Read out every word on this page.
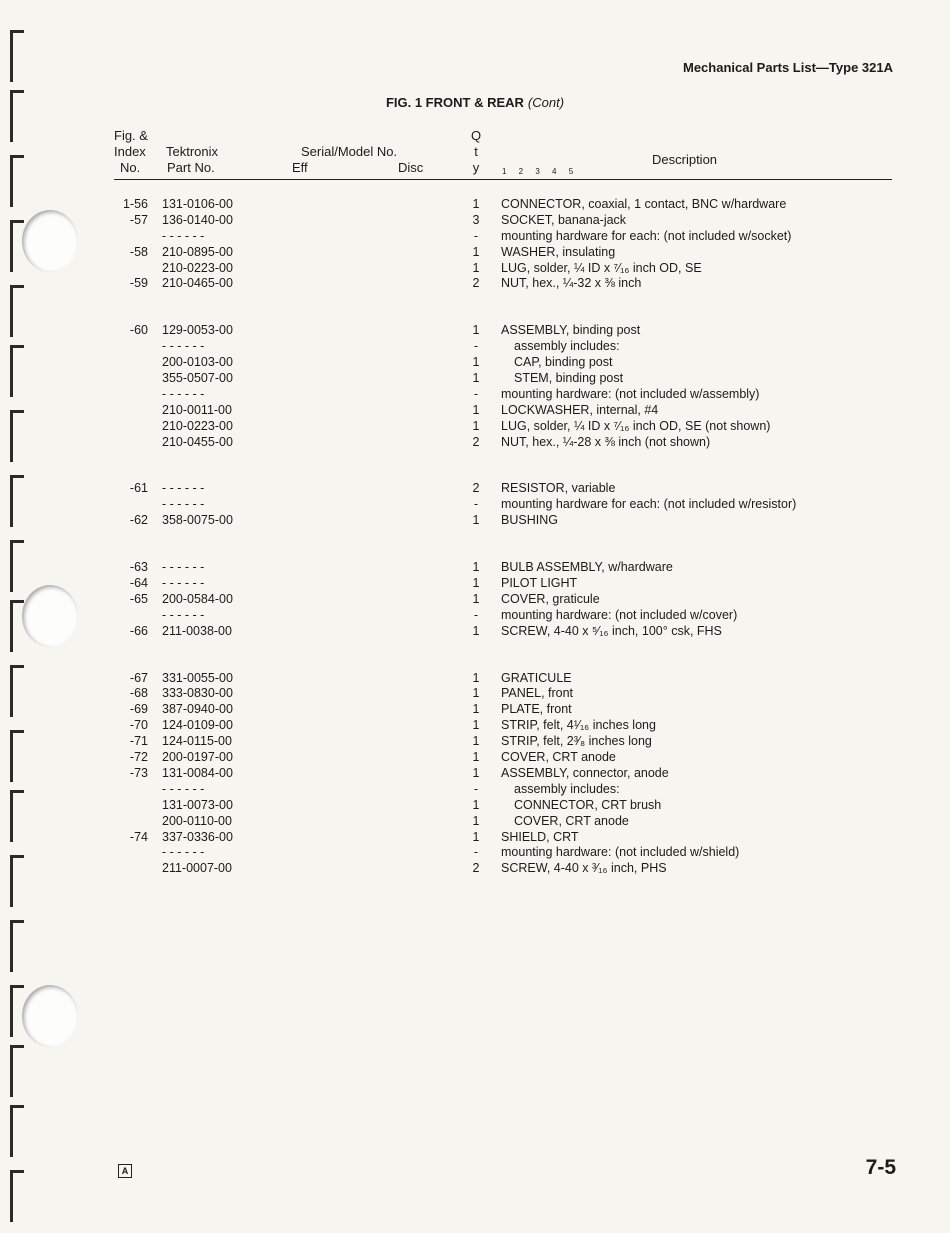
Mechanical Parts List—Type 321A
FIG. 1 FRONT & REAR (Cont)
Fig. &
Index
No.
Tektronix
Part No.
Serial/Model No.
Eff	Disc
Q
t
y
Description
1 2 3 4 5
1-56 131-0106-00	1	CONNECTOR, coaxial, 1 contact, BNC w/hardware
-57 136-0140-00	3	SOCKET, banana-jack
- - - - - -	-	mounting hardware for each: (not included w/socket)
-58 210-0895-00	1	WASHER, insulating
210-0223-00	1	LUG, solder, ¼ ID x ⁷⁄₁₆ inch OD, SE
-59 210-0465-00	2	NUT, hex., ¼-32 x ⅜ inch
-60 129-0053-00	1	ASSEMBLY, binding post
- - - - - -	-	assembly includes:
200-0103-00	1	CAP, binding post
355-0507-00	1	STEM, binding post
- - - - - -	-	mounting hardware: (not included w/assembly)
210-0011-00	1	LOCKWASHER, internal, #4
210-0223-00	1	LUG, solder, ¼ ID x ⁷⁄₁₆ inch OD, SE (not shown)
210-0455-00	2	NUT, hex., ¼-28 x ⅜ inch (not shown)
-61 - - - - - -	2	RESISTOR, variable
- - - - - -	-	mounting hardware for each: (not included w/resistor)
-62 358-0075-00	1	BUSHING
-63 - - - - - -	1	BULB ASSEMBLY, w/hardware
-64 - - - - - -	1	PILOT LIGHT
-65 200-0584-00	1	COVER, graticule
- - - - - -	-	mounting hardware: (not included w/cover)
-66 211-0038-00	1	SCREW, 4-40 x ⁵⁄₁₆ inch, 100° csk, FHS
-67 331-0055-00	1	GRATICULE
-68 333-0830-00	1	PANEL, front
-69 387-0940-00	1	PLATE, front
-70 124-0109-00	1	STRIP, felt, 4¹⁄₁₆ inches long
-71 124-0115-00	1	STRIP, felt, 2³⁄₈ inches long
-72 200-0197-00	1	COVER, CRT anode
-73 131-0084-00	1	ASSEMBLY, connector, anode
- - - - - -	-	assembly includes:
131-0073-00	1	CONNECTOR, CRT brush
200-0110-00	1	COVER, CRT anode
-74 337-0336-00	1	SHIELD, CRT
- - - - - -	-	mounting hardware: (not included w/shield)
211-0007-00	2	SCREW, 4-40 x ³⁄₁₆ inch, PHS
A	7-5
